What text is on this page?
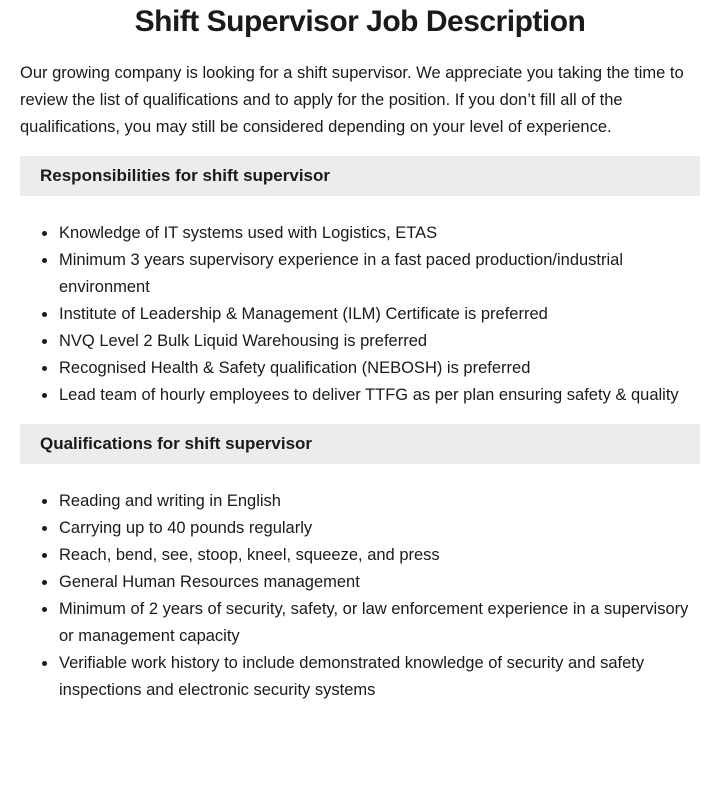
Shift Supervisor Job Description

Our growing company is looking for a shift supervisor. We appreciate you taking the time to review the list of qualifications and to apply for the position. If you don’t fill all of the qualifications, you may still be considered depending on your level of experience.

Responsibilities for shift supervisor
Knowledge of IT systems used with Logistics, ETAS
Minimum 3 years supervisory experience in a fast paced production/industrial environment
Institute of Leadership & Management (ILM) Certificate is preferred
NVQ Level 2 Bulk Liquid Warehousing is preferred
Recognised Health & Safety qualification (NEBOSH) is preferred
Lead team of hourly employees to deliver TTFG as per plan ensuring safety & quality
Qualifications for shift supervisor
Reading and writing in English
Carrying up to 40 pounds regularly
Reach, bend, see, stoop, kneel, squeeze, and press
General Human Resources management
Minimum of 2 years of security, safety, or law enforcement experience in a supervisory or management capacity
Verifiable work history to include demonstrated knowledge of security and safety inspections and electronic security systems
